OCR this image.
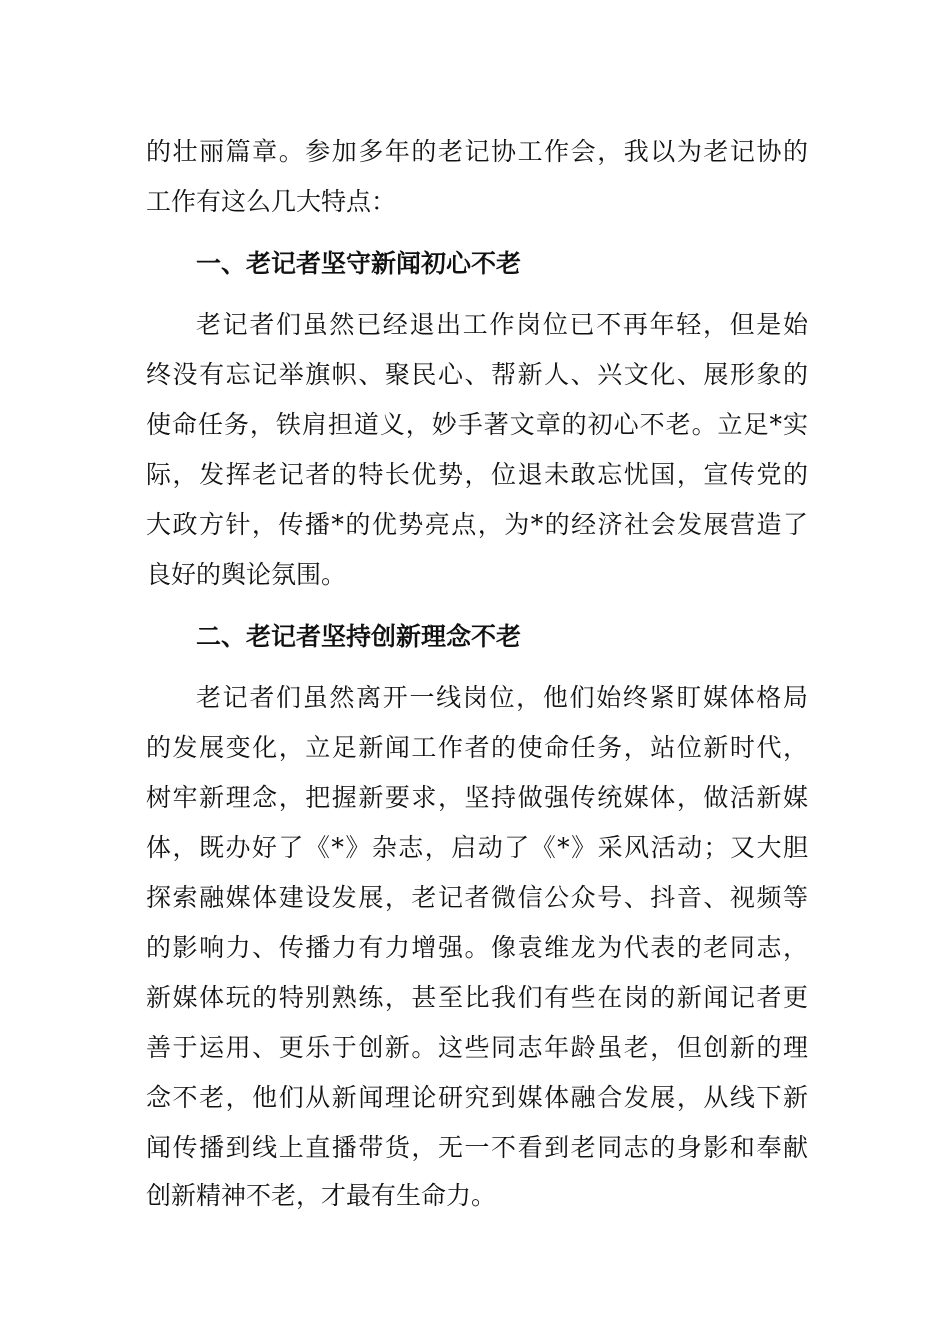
的壮丽篇章。参加多年的老记协工作会，我以为老记协的
工作有这么几大特点：
一、老记者坚守新闻初心不老
老记者们虽然已经退出工作岗位已不再年轻，但是始
终没有忘记举旗帜、聚民心、帮新人、兴文化、展形象的
使命任务，铁肩担道义，妙手著文章的初心不老。立足*实
际，发挥老记者的特长优势，位退未敢忘忧国，宣传党的
大政方针，传播*的优势亮点，为*的经济社会发展营造了
良好的舆论氛围。
二、老记者坚持创新理念不老
老记者们虽然离开一线岗位，他们始终紧盯媒体格局
的发展变化，立足新闻工作者的使命任务，站位新时代，
树牢新理念，把握新要求，坚持做强传统媒体，做活新媒
体，既办好了《*》杂志，启动了《*》采风活动；又大胆
探索融媒体建设发展，老记者微信公众号、抖音、视频等
的影响力、传播力有力增强。像袁维龙为代表的老同志，
新媒体玩的特别熟练，甚至比我们有些在岗的新闻记者更
善于运用、更乐于创新。这些同志年龄虽老，但创新的理
念不老，他们从新闻理论研究到媒体融合发展，从线下新
闻传播到线上直播带货，无一不看到老同志的身影和奉献
创新精神不老，才最有生命力。
